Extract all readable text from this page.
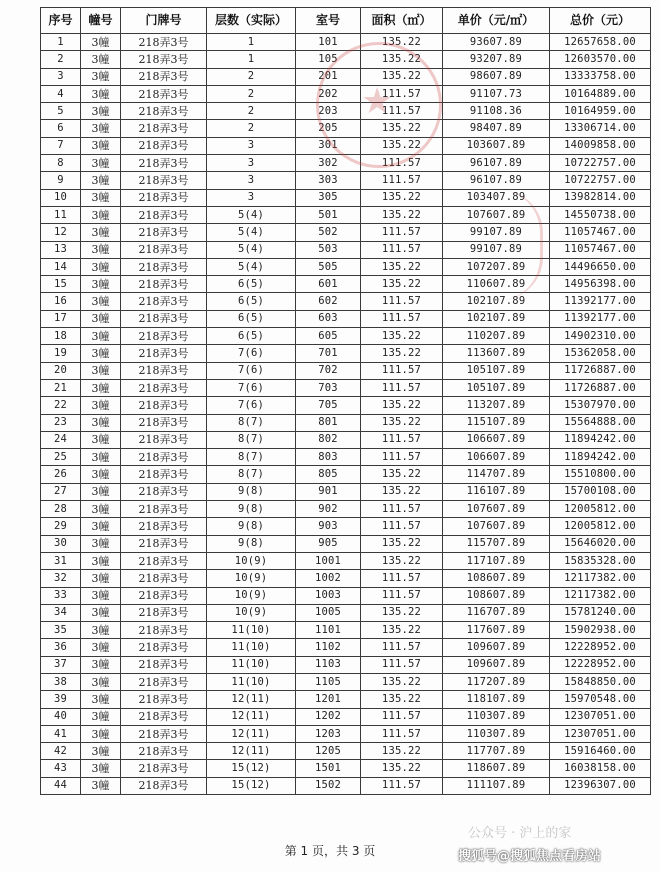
序号	幢号	门牌号	层数（实际）	室号	面积（㎡）	单价（元/㎡）	总价（元）
1	3幢	218弄3号	1	101	135.22	93607.89	12657658.00
2	3幢	218弄3号	1	105	135.22	93207.89	12603570.00
3	3幢	218弄3号	2	201	135.22	98607.89	13333758.00
4	3幢	218弄3号	2	202	111.57	91107.73	10164889.00
5	3幢	218弄3号	2	203	111.57	91108.36	10164959.00
6	3幢	218弄3号	2	205	135.22	98407.89	13306714.00
7	3幢	218弄3号	3	301	135.22	103607.89	14009858.00
8	3幢	218弄3号	3	302	111.57	96107.89	10722757.00
9	3幢	218弄3号	3	303	111.57	96107.89	10722757.00
10	3幢	218弄3号	3	305	135.22	103407.89	13982814.00
11	3幢	218弄3号	5(4)	501	135.22	107607.89	14550738.00
12	3幢	218弄3号	5(4)	502	111.57	99107.89	11057467.00
13	3幢	218弄3号	5(4)	503	111.57	99107.89	11057467.00
14	3幢	218弄3号	5(4)	505	135.22	107207.89	14496650.00
15	3幢	218弄3号	6(5)	601	135.22	110607.89	14956398.00
16	3幢	218弄3号	6(5)	602	111.57	102107.89	11392177.00
17	3幢	218弄3号	6(5)	603	111.57	102107.89	11392177.00
18	3幢	218弄3号	6(5)	605	135.22	110207.89	14902310.00
19	3幢	218弄3号	7(6)	701	135.22	113607.89	15362058.00
20	3幢	218弄3号	7(6)	702	111.57	105107.89	11726887.00
21	3幢	218弄3号	7(6)	703	111.57	105107.89	11726887.00
22	3幢	218弄3号	7(6)	705	135.22	113207.89	15307970.00
23	3幢	218弄3号	8(7)	801	135.22	115107.89	15564888.00
24	3幢	218弄3号	8(7)	802	111.57	106607.89	11894242.00
25	3幢	218弄3号	8(7)	803	111.57	106607.89	11894242.00
26	3幢	218弄3号	8(7)	805	135.22	114707.89	15510800.00
27	3幢	218弄3号	9(8)	901	135.22	116107.89	15700108.00
28	3幢	218弄3号	9(8)	902	111.57	107607.89	12005812.00
29	3幢	218弄3号	9(8)	903	111.57	107607.89	12005812.00
30	3幢	218弄3号	9(8)	905	135.22	115707.89	15646020.00
31	3幢	218弄3号	10(9)	1001	135.22	117107.89	15835328.00
32	3幢	218弄3号	10(9)	1002	111.57	108607.89	12117382.00
33	3幢	218弄3号	10(9)	1003	111.57	108607.89	12117382.00
34	3幢	218弄3号	10(9)	1005	135.22	116707.89	15781240.00
35	3幢	218弄3号	11(10)	1101	135.22	117607.89	15902938.00
36	3幢	218弄3号	11(10)	1102	111.57	109607.89	12228952.00
37	3幢	218弄3号	11(10)	1103	111.57	109607.89	12228952.00
38	3幢	218弄3号	11(10)	1105	135.22	117207.89	15848850.00
39	3幢	218弄3号	12(11)	1201	135.22	118107.89	15970548.00
40	3幢	218弄3号	12(11)	1202	111.57	110307.89	12307051.00
41	3幢	218弄3号	12(11)	1203	111.57	110307.89	12307051.00
42	3幢	218弄3号	12(11)	1205	135.22	117707.89	15916460.00
43	3幢	218弄3号	15(12)	1501	135.22	118607.89	16038158.00
44	3幢	218弄3号	15(12)	1502	111.57	111107.89	12396307.00
★
公众号 · 沪上的家
第 1 页，共 3 页	搜狐号@搜狐焦点看房站
